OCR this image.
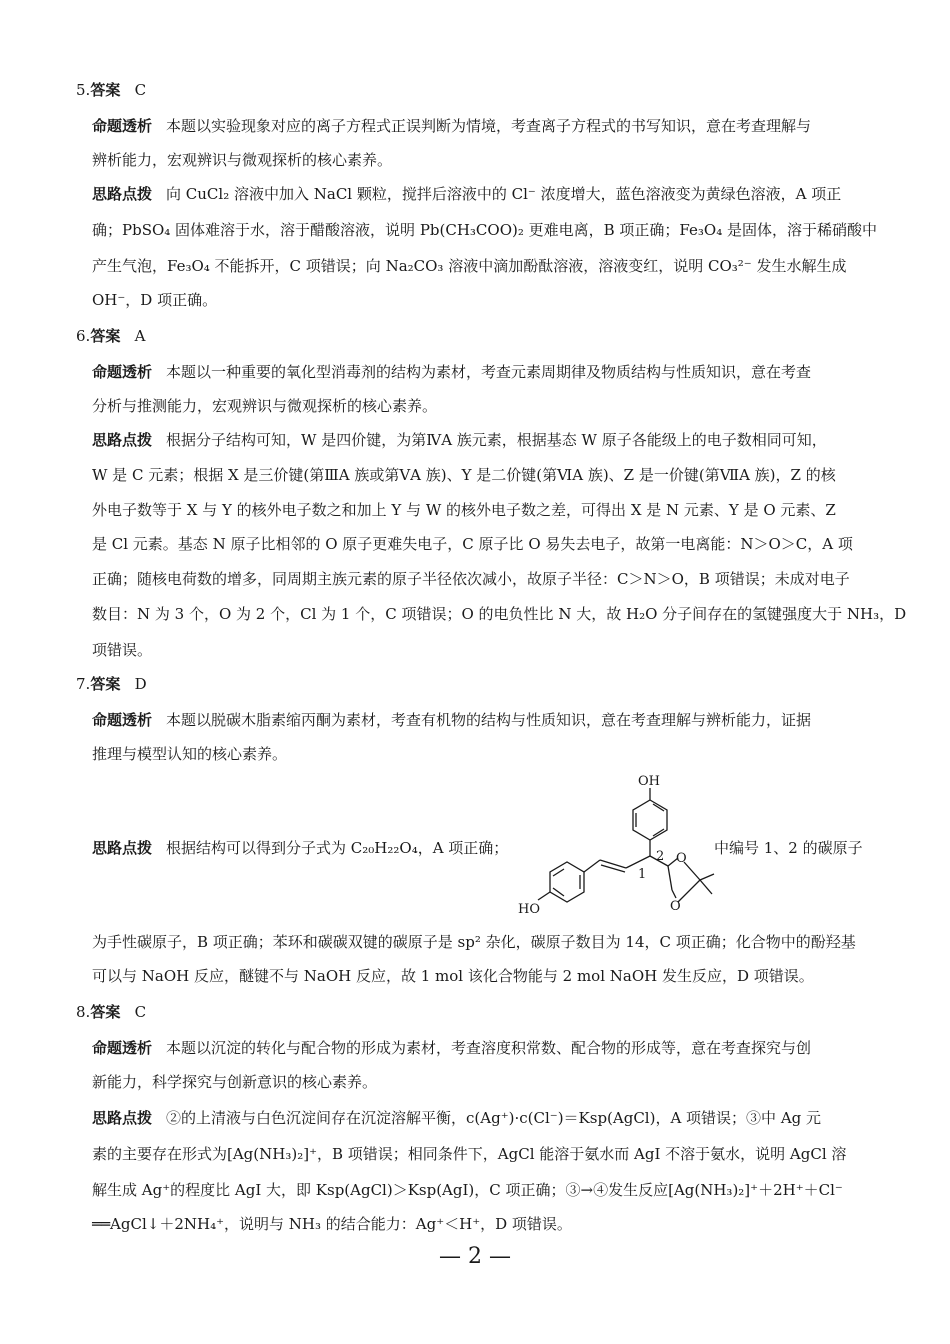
5.答案 C
命题透析 本题以实验现象对应的离子方程式正误判断为情境，考查离子方程式的书写知识，意在考查理解与
辨析能力，宏观辨识与微观探析的核心素养。
思路点拨 向 CuCl₂ 溶液中加入 NaCl 颗粒，搅拌后溶液中的 Cl⁻ 浓度增大，蓝色溶液变为黄绿色溶液，A 项正
确；PbSO₄ 固体难溶于水，溶于醋酸溶液，说明 Pb(CH₃COO)₂ 更难电离，B 项正确；Fe₃O₄ 是固体，溶于稀硝酸中
产生气泡，Fe₃O₄ 不能拆开，C 项错误；向 Na₂CO₃ 溶液中滴加酚酞溶液，溶液变红，说明 CO₃²⁻ 发生水解生成
OH⁻，D 项正确。
6.答案 A
命题透析 本题以一种重要的氧化型消毒剂的结构为素材，考查元素周期律及物质结构与性质知识，意在考查
分析与推测能力，宏观辨识与微观探析的核心素养。
思路点拨 根据分子结构可知，W 是四价键，为第ⅣA 族元素，根据基态 W 原子各能级上的电子数相同可知，
W 是 C 元素；根据 X 是三价键(第ⅢA 族或第ⅤA 族)、Y 是二价键(第ⅥA 族)、Z 是一价键(第ⅦA 族)，Z 的核
外电子数等于 X 与 Y 的核外电子数之和加上 Y 与 W 的核外电子数之差，可得出 X 是 N 元素、Y 是 O 元素、Z
是 Cl 元素。基态 N 原子比相邻的 O 原子更难失电子，C 原子比 O 易失去电子，故第一电离能：N＞O＞C，A 项
正确；随核电荷数的增多，同周期主族元素的原子半径依次减小，故原子半径：C＞N＞O，B 项错误；未成对电子
数目：N 为 3 个，O 为 2 个，Cl 为 1 个，C 项错误；O 的电负性比 N 大，故 H₂O 分子间存在的氢键强度大于 NH₃，D
项错误。
7.答案 D
命题透析 本题以脱碳木脂素缩丙酮为素材，考查有机物的结构与性质知识，意在考查理解与辨析能力，证据
推理与模型认知的核心素养。
思路点拨 根据结构可以得到分子式为 C₂₀H₂₂O₄，A 项正确；	中编号 1、2 的碳原子
OH
HO
1
2 O
O
为手性碳原子，B 项正确；苯环和碳碳双键的碳原子是 sp² 杂化，碳原子数目为 14，C 项正确；化合物中的酚羟基
可以与 NaOH 反应，醚键不与 NaOH 反应，故 1 mol 该化合物能与 2 mol NaOH 发生反应，D 项错误。
8.答案 C
命题透析 本题以沉淀的转化与配合物的形成为素材，考查溶度积常数、配合物的形成等，意在考查探究与创
新能力，科学探究与创新意识的核心素养。
思路点拨 ②的上清液与白色沉淀间存在沉淀溶解平衡，c(Ag⁺)·c(Cl⁻)＝Ksp(AgCl)，A 项错误；③中 Ag 元
素的主要存在形式为[Ag(NH₃)₂]⁺，B 项错误；相同条件下，AgCl 能溶于氨水而 AgI 不溶于氨水，说明 AgCl 溶
解生成 Ag⁺的程度比 AgI 大，即 Ksp(AgCl)＞Ksp(AgI)，C 项正确；③→④发生反应[Ag(NH₃)₂]⁺＋2H⁺＋Cl⁻
══AgCl↓＋2NH₄⁺，说明与 NH₃ 的结合能力：Ag⁺＜H⁺，D 项错误。
— 2 —
